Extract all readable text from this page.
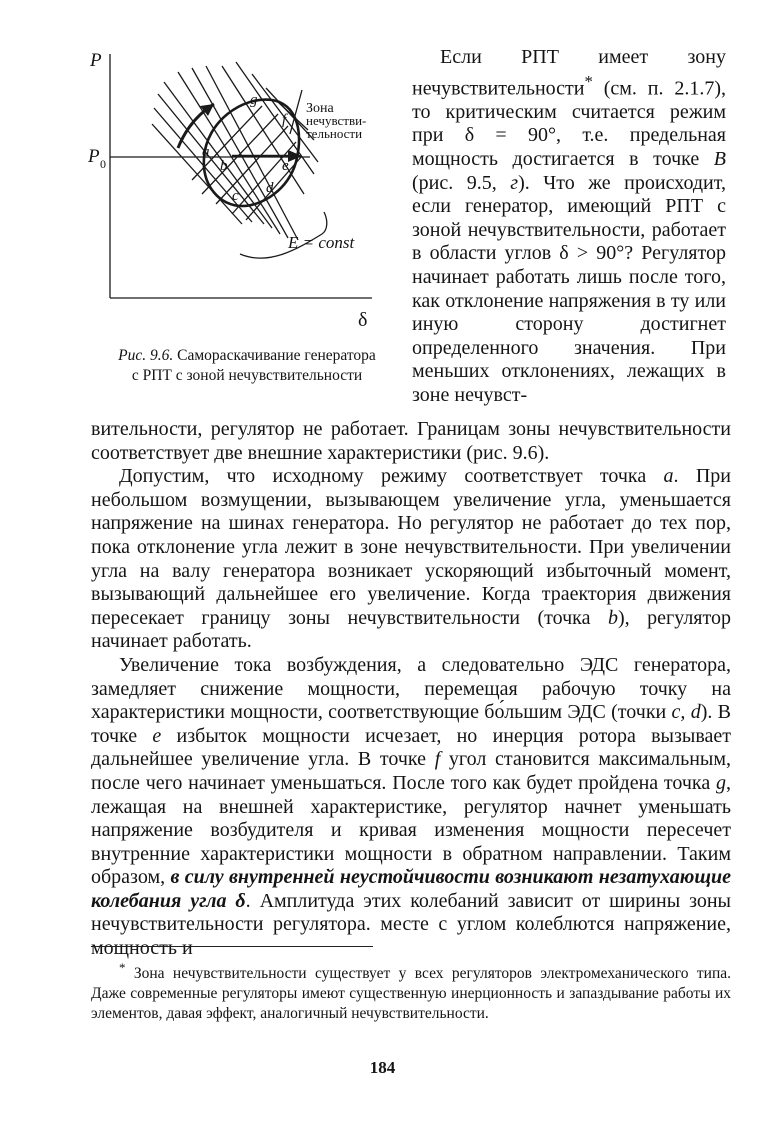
P
P 0
δ
Зона
нечувстви-
тельности
E = const
a
b
c d
e
f
g
Рис. 9.6. Самораскачивание генератора
с РПТ с зоной нечувствительности

Если РПТ имеет зону нечувствительности* (см. п. 2.1.7), то критическим считается режим при δ = 90°, т.е. предельная мощность достигается в точке В (рис. 9.5, г). Что же происходит, если генератор, имеющий РПТ с зоной нечувствительности, работает в области углов δ > 90°? Регулятор начинает работать лишь после того, как отклонение напряжения в ту или иную сторону достигнет определенного значения. При меньших отклонениях, лежащих в зоне нечувст-

вительности, регулятор не работает. Границам зоны нечувствительности соответствует две внешние характеристики (рис. 9.6).

Допустим, что исходному режиму соответствует точка а. При небольшом возмущении, вызывающем увеличение угла, уменьшается напряжение на шинах генератора. Но регулятор не работает до тех пор, пока отклонение угла лежит в зоне нечувствительности. При увеличении угла на валу генератора возникает ускоряющий избыточный момент, вызывающий дальнейшее его увеличение. Когда траектория движения пересекает границу зоны нечувствительности (точка b), регулятор начинает работать.

Увеличение тока возбуждения, а следовательно ЭДС генератора, замедляет снижение мощности, перемещая рабочую точку на характеристики мощности, соответствующие бо́льшим ЭДС (точки с, d). В точке е избыток мощности исчезает, но инерция ротора вызывает дальнейшее увеличение угла. В точке f угол становится максимальным, после чего начинает уменьшаться. После того как будет пройдена точка g, лежащая на внешней характеристике, регулятор начнет уменьшать напряжение возбудителя и кривая изменения мощности пересечет внутренние характеристики мощности в обратном направлении. Таким образом, в силу внутренней неустойчивости возникают незатухающие колебания угла δ. Амплитуда этих колебаний зависит от ширины зоны нечувствительности регулятора. месте с углом колеблются напряжение, мощность и

* Зона нечувствительности существует у всех регуляторов электромеханического типа. Даже современные регуляторы имеют существенную инерционность и запаздывание работы их элементов, давая эффект, аналогичный нечувствительности.

184
